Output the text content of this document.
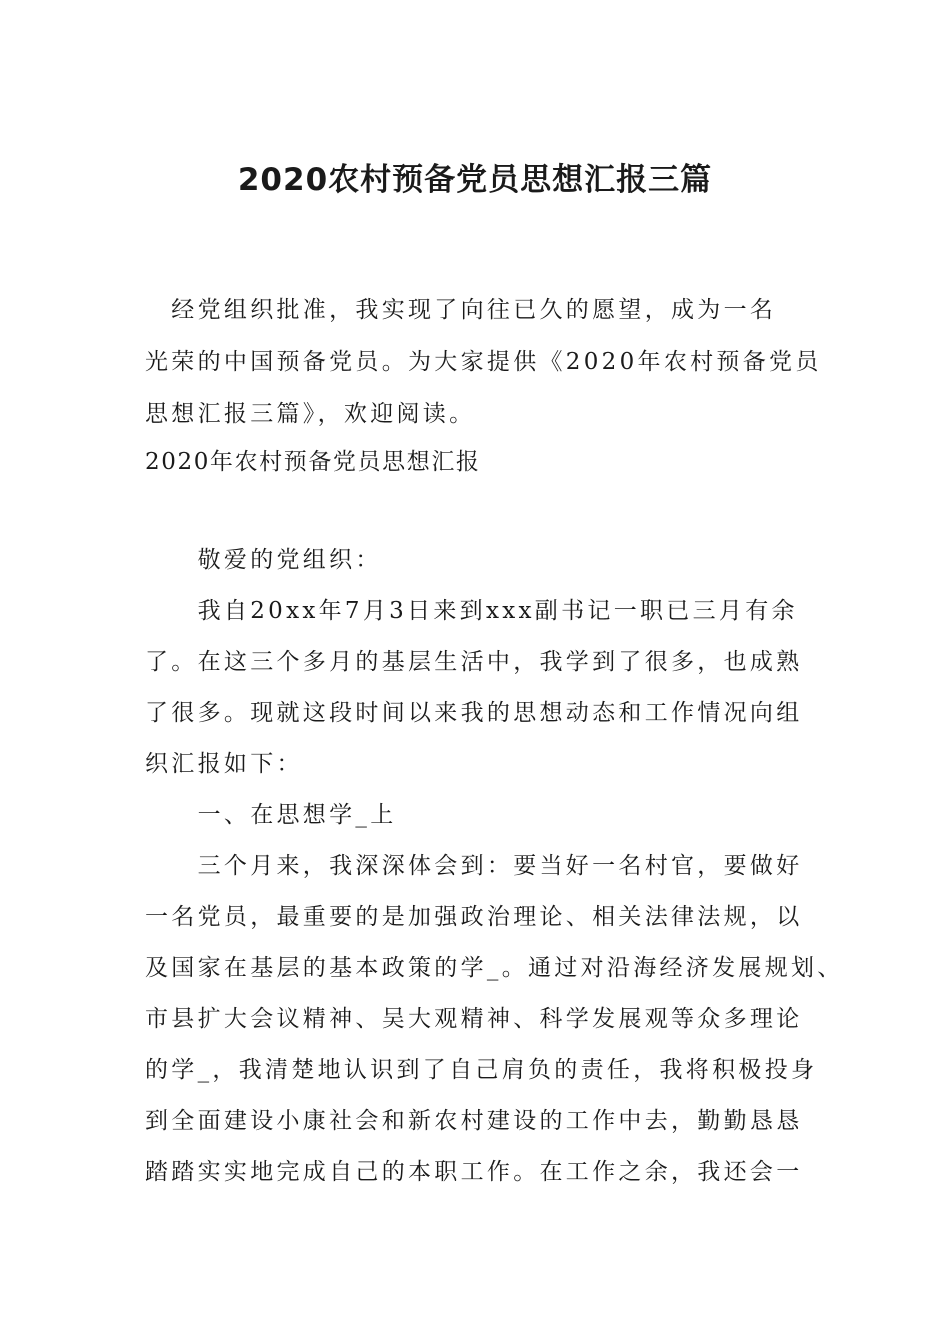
2020农村预备党员思想汇报三篇
　经党组织批准，我实现了向往已久的愿望，成为一名
光荣的中国预备党员。为大家提供《2020年农村预备党员
思想汇报三篇》，欢迎阅读。
2020年农村预备党员思想汇报
　　敬爱的党组织：
　　我自20xx年7月3日来到xxx副书记一职已三月有余
了。在这三个多月的基层生活中，我学到了很多，也成熟
了很多。现就这段时间以来我的思想动态和工作情况向组
织汇报如下：
　　一、在思想学_上
　　三个月来，我深深体会到：要当好一名村官，要做好
一名党员，最重要的是加强政治理论、相关法律法规，以
及国家在基层的基本政策的学_。通过对沿海经济发展规划、
市县扩大会议精神、吴大观精神、科学发展观等众多理论
的学_，我清楚地认识到了自己肩负的责任，我将积极投身
到全面建设小康社会和新农村建设的工作中去，勤勤恳恳
踏踏实实地完成自己的本职工作。在工作之余，我还会一
